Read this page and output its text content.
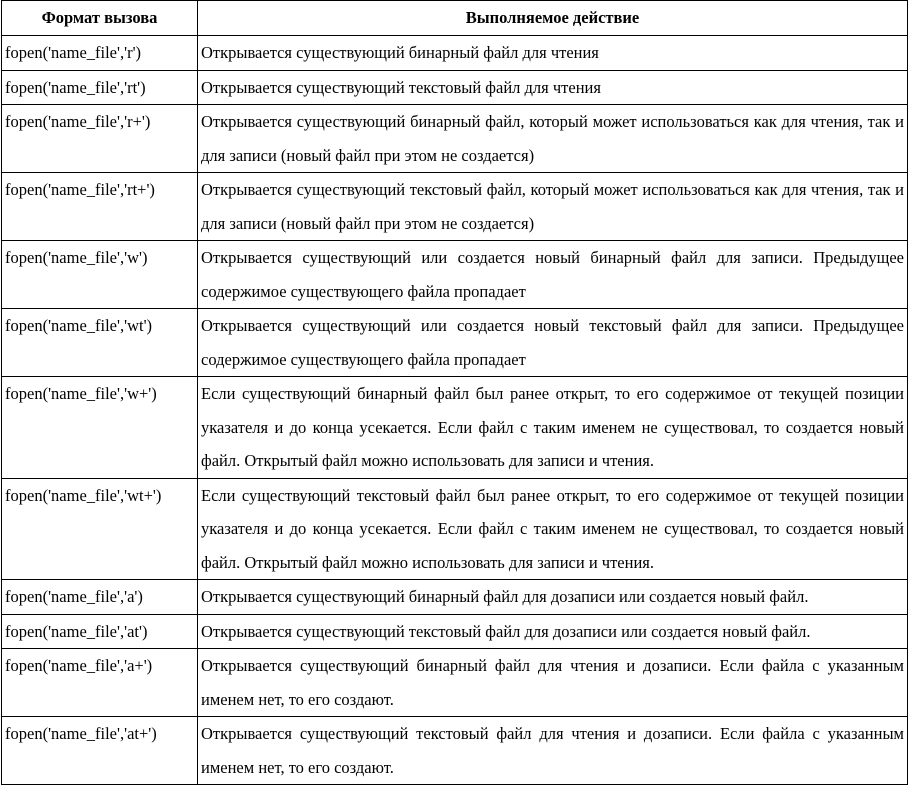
Формат вызова	Выполняемое действие
fopen('name_file','r')	Открывается существующий бинарный файл для чтения
fopen('name_file','rt')	Открывается существующий текстовый файл для чтения
fopen('name_file','r+')	Открывается существующий бинарный файл, который может использоваться как для чтения, так и для записи (новый файл при этом не создается)
fopen('name_file','rt+')	Открывается существующий текстовый файл, который может использоваться как для чтения, так и для записи (новый файл при этом не создается)
fopen('name_file','w')	Открывается существующий или создается новый бинарный файл для записи. Предыдущее содержимое существующего файла пропадает
fopen('name_file','wt')	Открывается существующий или создается новый текстовый файл для записи. Предыдущее содержимое существующего файла пропадает
fopen('name_file','w+')	Если существующий бинарный файл был ранее открыт, то его содержимое от текущей позиции указателя и до конца усекается. Если файл с таким именем не существовал, то создается новый файл. Открытый файл можно использовать для записи и чтения.
fopen('name_file','wt+')	Если существующий текстовый файл был ранее открыт, то его содержимое от текущей позиции указателя и до конца усекается. Если файл с таким именем не существовал, то создается новый файл. Открытый файл можно использовать для записи и чтения.
fopen('name_file','a')	Открывается существующий бинарный файл для дозаписи или создается новый файл.
fopen('name_file','at')	Открывается существующий текстовый файл для дозаписи или создается новый файл.
fopen('name_file','a+')	Открывается существующий бинарный файл для чтения и дозаписи. Если файла с указанным именем нет, то его создают.
fopen('name_file','at+')	Открывается существующий текстовый файл для чтения и дозаписи. Если файла с указанным именем нет, то его создают.
